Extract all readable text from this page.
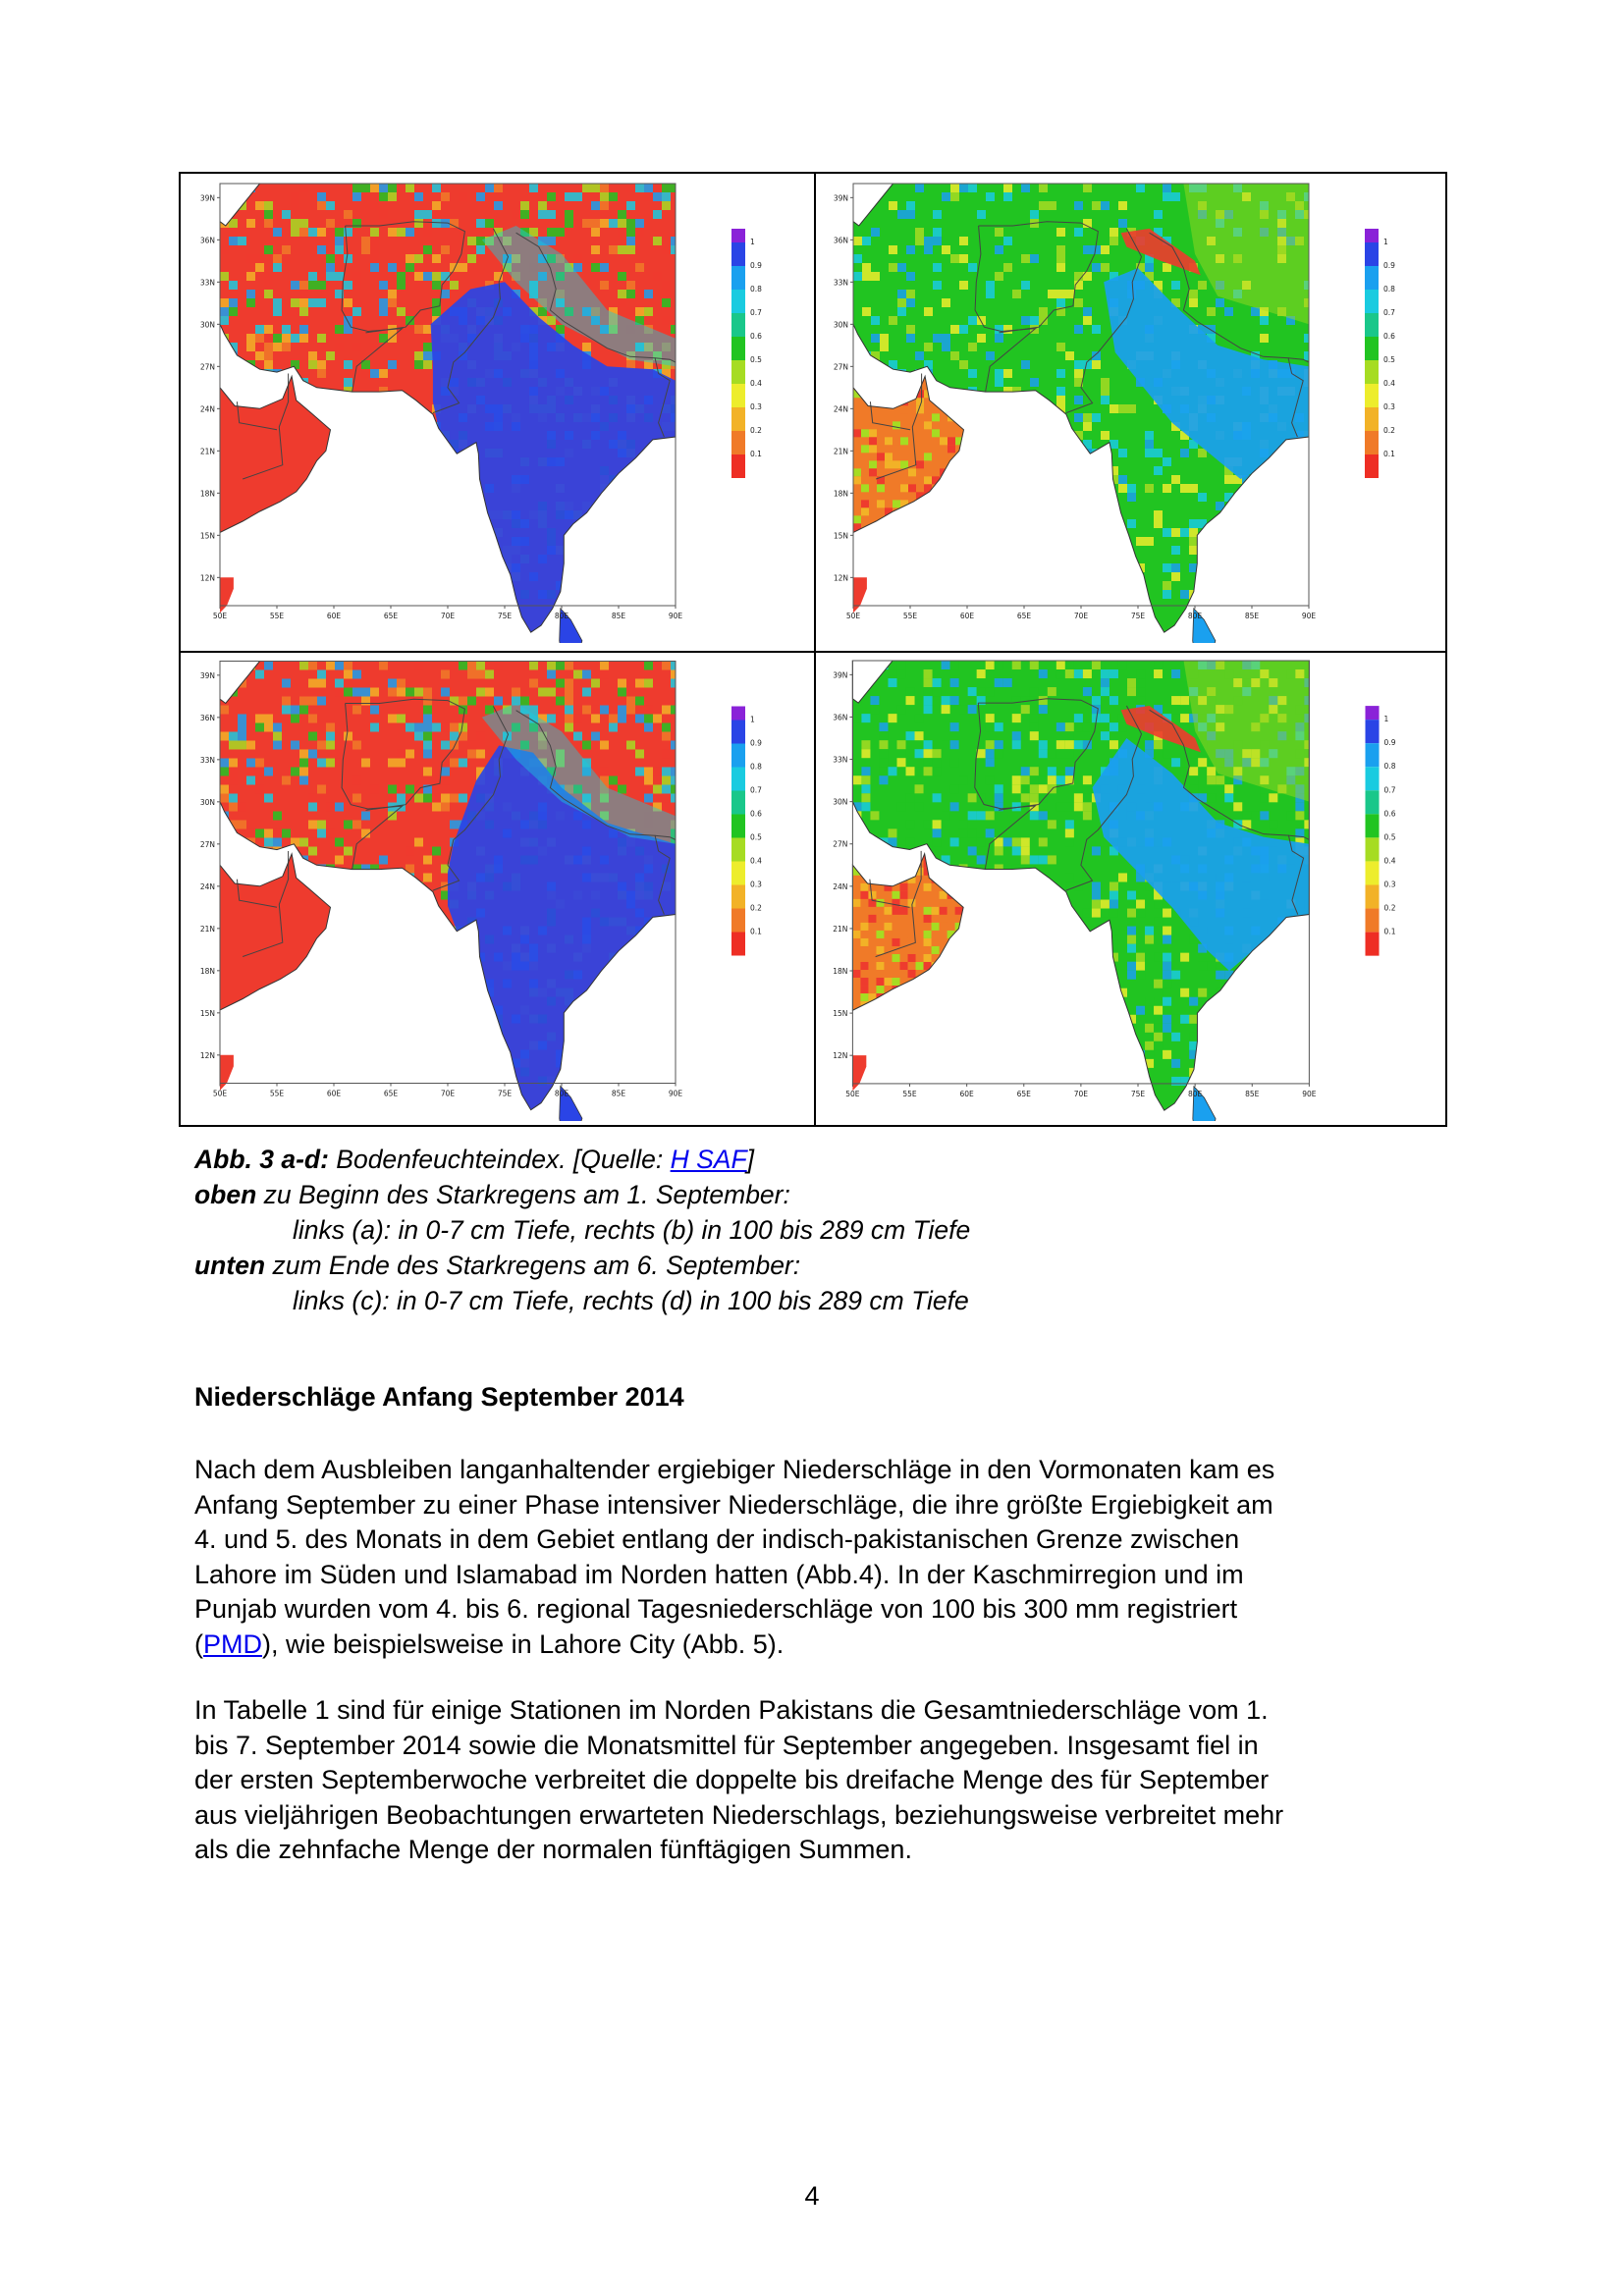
39N
36N
33N
30N
27N
24N
21N
18N
15N
12N
50E	55E	60E	65E	70E	75E	80E	85E	90E
1
0.9
0.8
0.7
0.6
0.5
0.4
0.3
0.2
0.1
39N
36N
33N
30N
27N
24N
21N
18N
15N
12N
50E	55E	60E	65E	70E	75E	80E	85E	90E
1
0.9
0.8
0.7
0.6
0.5
0.4
0.3
0.2
0.1
39N
36N
33N
30N
27N
24N
21N
18N
15N
12N
50E	55E	60E	65E	70E	75E	80E	85E	90E
1
0.9
0.8
0.7
0.6
0.5
0.4
0.3
0.2
0.1
39N
36N
33N
30N
27N
24N
21N
18N
15N
12N
50E	55E	60E	65E	70E	75E	80E	85E	90E
1
0.9
0.8
0.7
0.6
0.5
0.4
0.3
0.2
0.1
Abb. 3 a-d: Bodenfeuchteindex. [Quelle: H SAF]
oben zu Beginn des Starkregens am 1. September:
links (a): in 0-7 cm Tiefe, rechts (b) in 100 bis 289 cm Tiefe
unten zum Ende des Starkregens am 6. September:
links (c): in 0-7 cm Tiefe, rechts (d) in 100 bis 289 cm Tiefe
Niederschläge Anfang September 2014
Nach dem Ausbleiben langanhaltender ergiebiger Niederschläge in den Vormonaten kam es
Anfang September zu einer Phase intensiver Niederschläge, die ihre größte Ergiebigkeit am
4. und 5. des Monats in dem Gebiet entlang der indisch-pakistanischen Grenze zwischen
Lahore im Süden und Islamabad im Norden hatten (Abb.4). In der Kaschmirregion und im
Punjab wurden vom 4. bis 6. regional Tagesniederschläge von 100 bis 300 mm registriert
(PMD), wie beispielsweise in Lahore City (Abb. 5).
In Tabelle 1 sind für einige Stationen im Norden Pakistans die Gesamtniederschläge vom 1.
bis 7. September 2014 sowie die Monatsmittel für September angegeben. Insgesamt fiel in
der ersten Septemberwoche verbreitet die doppelte bis dreifache Menge des für September
aus vieljährigen Beobachtungen erwarteten Niederschlags, beziehungsweise verbreitet mehr
als die zehnfache Menge der normalen fünftägigen Summen.
4
